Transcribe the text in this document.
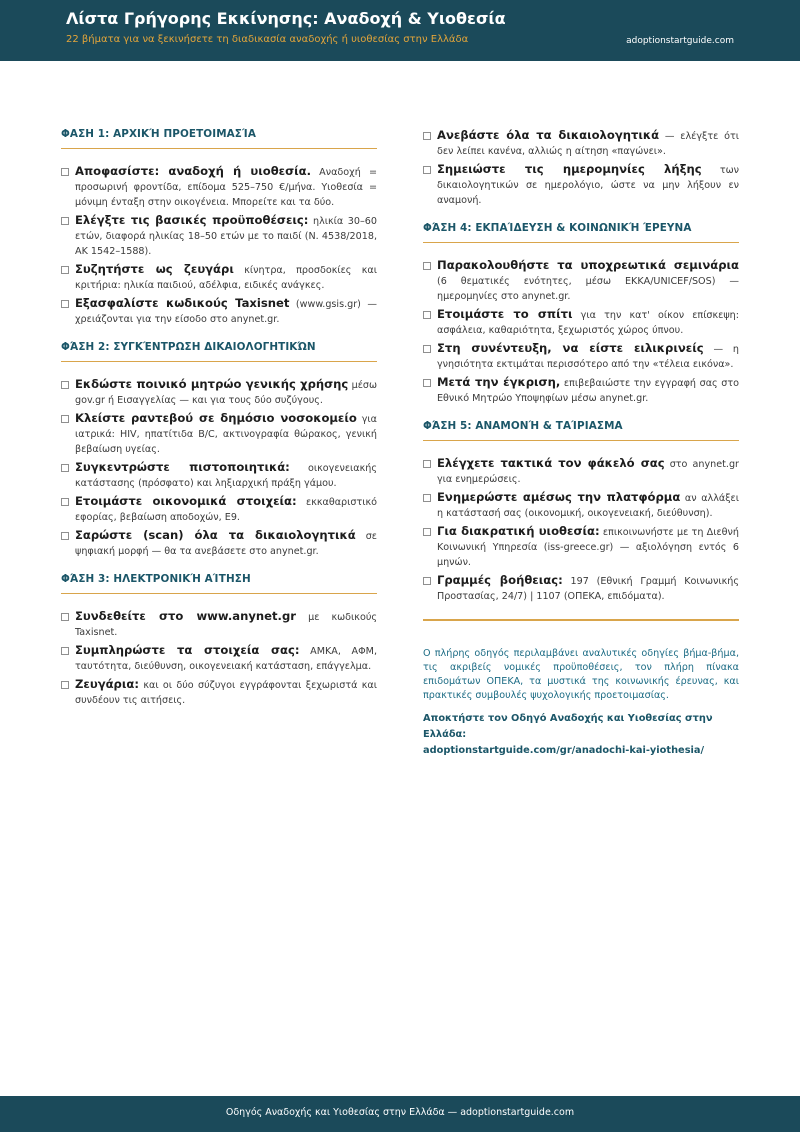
Λίστα Γρήγορης Εκκίνησης: Αναδοχή & Υιοθεσία
22 βήματα για να ξεκινήσετε τη διαδικασία αναδοχής ή υιοθεσίας στην Ελλάδα	adoptionstartguide.com
ΦΑΣΗ 1: ΑΡΧΙΚΉ ΠΡΟΕΤΟΙΜΑΣΊΑ
Αποφασίστε: αναδοχή ή υιοθεσία. Αναδοχή = προσωρινή φροντίδα, επίδομα 525–750 €/μήνα. Υιοθεσία = μόνιμη ένταξη στην οικογένεια. Μπορείτε και τα δύο.
Ελέγξτε τις βασικές προϋποθέσεις: ηλικία 30–60 ετών, διαφορά ηλικίας 18–50 ετών με το παιδί (Ν. 4538/2018, ΑΚ 1542–1588).
Συζητήστε ως ζευγάρι κίνητρα, προσδοκίες και κριτήρια: ηλικία παιδιού, αδέλφια, ειδικές ανάγκες.
Εξασφαλίστε κωδικούς Taxisnet (www.gsis.gr) — χρειάζονται για την είσοδο στο anynet.gr.
ΦΆΣΗ 2: ΣΥΓΚΈΝΤΡΩΣΗ ΔΙΚΑΙΟΛΟΓΗΤΙΚΏΝ
Εκδώστε ποινικό μητρώο γενικής χρήσης μέσω gov.gr ή Εισαγγελίας — και για τους δύο συζύγους.
Κλείστε ραντεβού σε δημόσιο νοσοκομείο για ιατρικά: HIV, ηπατίτιδα B/C, ακτινογραφία θώρακος, γενική βεβαίωση υγείας.
Συγκεντρώστε πιστοποιητικά: οικογενειακής κατάστασης (πρόσφατο) και ληξιαρχική πράξη γάμου.
Ετοιμάστε οικονομικά στοιχεία: εκκαθαριστικό εφορίας, βεβαίωση αποδοχών, Ε9.
Σαρώστε (scan) όλα τα δικαιολογητικά σε ψηφιακή μορφή — θα τα ανεβάσετε στο anynet.gr.
ΦΆΣΗ 3: ΗΛΕΚΤΡΟΝΙΚΉ ΑΊΤΗΣΗ
Συνδεθείτε στο www.anynet.gr με κωδικούς Taxisnet.
Συμπληρώστε τα στοιχεία σας: ΑΜΚΑ, ΑΦΜ, ταυτότητα, διεύθυνση, οικογενειακή κατάσταση, επάγγελμα.
Ζευγάρια: και οι δύο σύζυγοι εγγράφονται ξεχωριστά και συνδέουν τις αιτήσεις.
Ανεβάστε όλα τα δικαιολογητικά — ελέγξτε ότι δεν λείπει κανένα, αλλιώς η αίτηση «παγώνει».
Σημειώστε τις ημερομηνίες λήξης των δικαιολογητικών σε ημερολόγιο, ώστε να μην λήξουν εν αναμονή.
ΦΆΣΗ 4: ΕΚΠΑΊΔΕΥΣΗ & ΚΟΙΝΩΝΙΚΉ ΈΡΕΥΝΑ
Παρακολουθήστε τα υποχρεωτικά σεμινάρια (6 θεματικές ενότητες, μέσω ΕΚΚΑ/UNICEF/SOS) — ημερομηνίες στο anynet.gr.
Ετοιμάστε το σπίτι για την κατ' οίκον επίσκεψη: ασφάλεια, καθαριότητα, ξεχωριστός χώρος ύπνου.
Στη συνέντευξη, να είστε ειλικρινείς — η γνησιότητα εκτιμάται περισσότερο από την «τέλεια εικόνα».
Μετά την έγκριση, επιβεβαιώστε την εγγραφή σας στο Εθνικό Μητρώο Υποψηφίων μέσω anynet.gr.
ΦΆΣΗ 5: ΑΝΑΜΟΝΉ & ΤΑΊΡΙΑΣΜΑ
Ελέγχετε τακτικά τον φάκελό σας στο anynet.gr για ενημερώσεις.
Ενημερώστε αμέσως την πλατφόρμα αν αλλάξει η κατάστασή σας (οικονομική, οικογενειακή, διεύθυνση).
Για διακρατική υιοθεσία: επικοινωνήστε με τη Διεθνή Κοινωνική Υπηρεσία (iss-greece.gr) — αξιολόγηση εντός 6 μηνών.
Γραμμές βοήθειας: 197 (Εθνική Γραμμή Κοινωνικής Προστασίας, 24/7) | 1107 (ΟΠΕΚΑ, επιδόματα).
Ο πλήρης οδηγός περιλαμβάνει αναλυτικές οδηγίες βήμα-βήμα, τις ακριβείς νομικές προϋποθέσεις, τον πλήρη πίνακα επιδομάτων ΟΠΕΚΑ, τα μυστικά της κοινωνικής έρευνας, και πρακτικές συμβουλές ψυχολογικής προετοιμασίας.
Αποκτήστε τον Οδηγό Αναδοχής και Υιοθεσίας στην Ελλάδα:
adoptionstartguide.com/gr/anadochi-kai-yiothesia/
Οδηγός Αναδοχής και Υιοθεσίας στην Ελλάδα — adoptionstartguide.com
